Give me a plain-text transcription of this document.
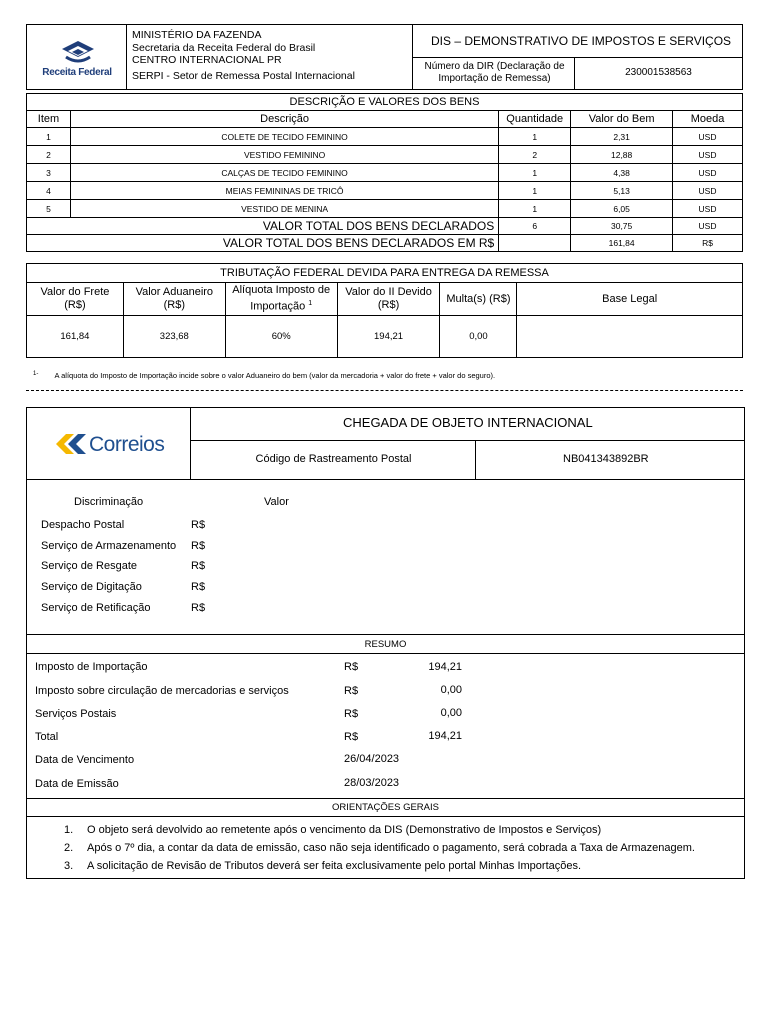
Receita Federal
MINISTÉRIO DA FAZENDA
Secretaria da Receita Federal do Brasil
CENTRO INTERNACIONAL PR
SERPI - Setor de Remessa Postal Internacional
DIS – DEMONSTRATIVO DE IMPOSTOS E SERVIÇOS
Número da DIR (Declaração de Importação de Remessa)
230001538563
DESCRIÇÃO E VALORES DOS BENS				
Item	Descrição	Quantidade	Valor do Bem	Moeda
1	COLETE DE TECIDO FEMININO	1	2,31	USD
2	VESTIDO FEMININO	2	12,88	USD
3	CALÇAS DE TECIDO FEMININO	1	4,38	USD
4	MEIAS FEMININAS DE TRICÔ	1	5,13	USD
5	VESTIDO DE MENINA	1	6,05	USD
VALOR TOTAL DOS BENS DECLARADOS		6	30,75	USD
VALOR TOTAL DOS BENS DECLARADOS EM R$			161,84	R$
TRIBUTAÇÃO FEDERAL DEVIDA PARA ENTREGA DA REMESSA					
Valor do Frete (R$)	Valor Aduaneiro (R$)	Alíquota Imposto de Importação $^1$	Valor do II Devido (R$)	Multa(s) (R$)	Base Legal
161,84	323,68	60%	194,21	0,00	
$^{1-}$ A alíquota do Imposto de Importação incide sobre o valor Aduaneiro do bem (valor da mercadoria + valor do frete + valor do seguro).
Correios
CHEGADA DE OBJETO INTERNACIONAL
Código de Rastreamento Postal	NB041343892BR
Discriminação	Valor
Despacho Postal	R$
Serviço de Armazenamento R$
Serviço de Resgate	R$
Serviço de Digitação	R$
Serviço de Retificação	R$
RESUMO
Imposto de Importação	R$	194,21
Imposto sobre circulação de mercadorias e serviços	R$	0,00
Serviços Postais	R$	0,00
Total	R$	194,21
Data de Vencimento	26/04/2023
Data de Emissão	28/03/2023
ORIENTAÇÕES GERAIS
1. O objeto será devolvido ao remetente após o vencimento da DIS (Demonstrativo de Impostos e Serviços)
2. Após o 7º dia, a contar da data de emissão, caso não seja identificado o pagamento, será cobrada a Taxa de Armazenagem.
3. A solicitação de Revisão de Tributos deverá ser feita exclusivamente pelo portal Minhas Importações.
